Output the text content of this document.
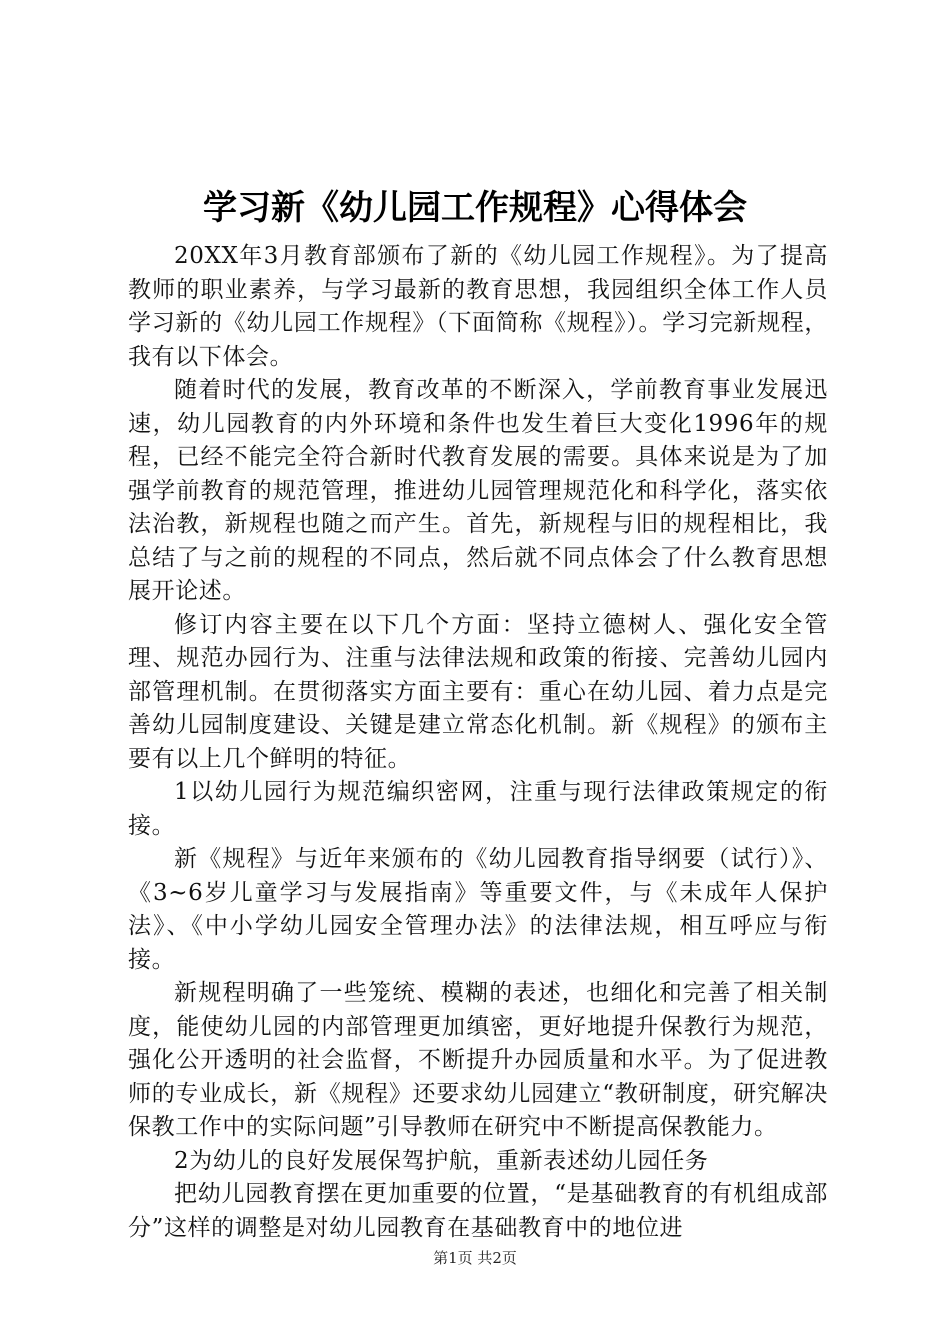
学习新《幼儿园工作规程》心得体会

20XX年3月教育部颁布了新的《幼儿园工作规程》。为了提高教师的职业素养，与学习最新的教育思想，我园组织全体工作人员学习新的《幼儿园工作规程》（下面简称《规程》）。学习完新规程，我有以下体会。

随着时代的发展，教育改革的不断深入，学前教育事业发展迅速，幼儿园教育的内外环境和条件也发生着巨大变化1996年的规程，已经不能完全符合新时代教育发展的需要。具体来说是为了加强学前教育的规范管理，推进幼儿园管理规范化和科学化，落实依法治教，新规程也随之而产生。首先，新规程与旧的规程相比，我总结了与之前的规程的不同点，然后就不同点体会了什么教育思想展开论述。

修订内容主要在以下几个方面：坚持立德树人、强化安全管理、规范办园行为、注重与法律法规和政策的衔接、完善幼儿园内部管理机制。在贯彻落实方面主要有：重心在幼儿园、着力点是完善幼儿园制度建设、关键是建立常态化机制。新《规程》的颁布主要有以上几个鲜明的特征。

1以幼儿园行为规范编织密网，注重与现行法律政策规定的衔接。

新《规程》与近年来颁布的《幼儿园教育指导纲要（试行）》、《3~6岁儿童学习与发展指南》等重要文件，与《未成年人保护法》、《中小学幼儿园安全管理办法》的法律法规，相互呼应与衔接。

新规程明确了一些笼统、模糊的表述，也细化和完善了相关制度，能使幼儿园的内部管理更加缜密，更好地提升保教行为规范，强化公开透明的社会监督，不断提升办园质量和水平。为了促进教师的专业成长，新《规程》还要求幼儿园建立“教研制度，研究解决保教工作中的实际问题”引导教师在研究中不断提高保教能力。

2为幼儿的良好发展保驾护航，重新表述幼儿园任务

把幼儿园教育摆在更加重要的位置，“是基础教育的有机组成部分”这样的调整是对幼儿园教育在基础教育中的地位进

第1页 共2页
